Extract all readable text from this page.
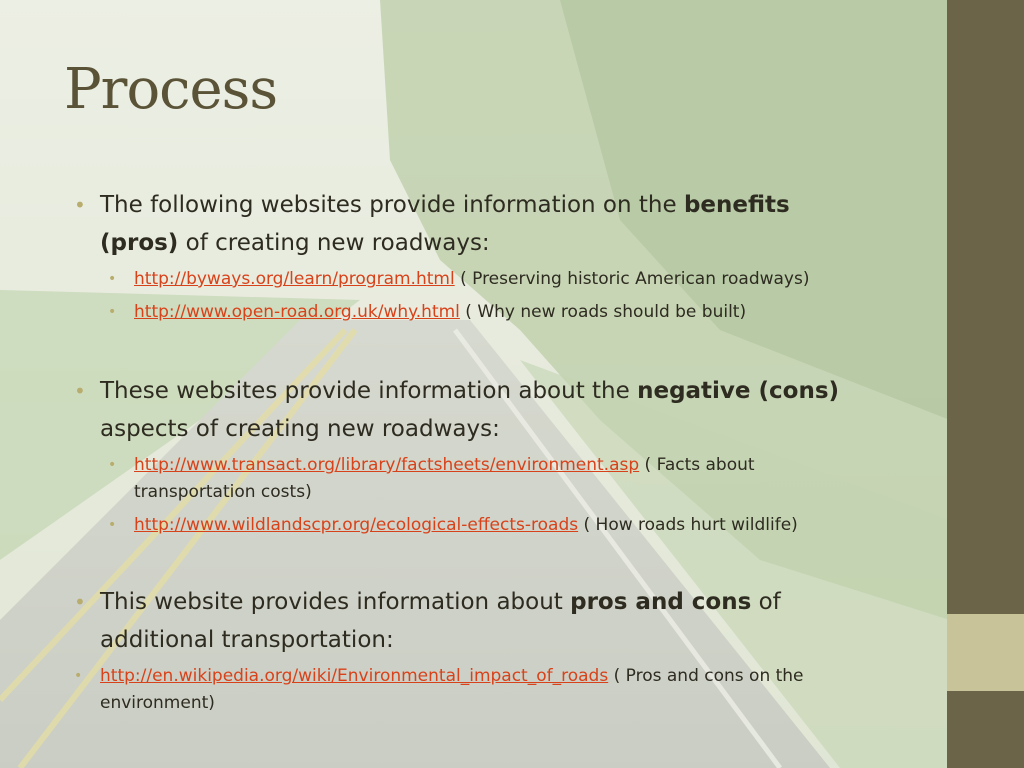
Process
• The following websites provide information on the benefits (pros) of creating new roadways:
• http://byways.org/learn/program.html ( Preserving historic American roadways)
• http://www.open-road.org.uk/why.html ( Why new roads should be built)
• These websites provide information about the negative (cons) aspects of creating new roadways:
• http://www.transact.org/library/factsheets/environment.asp ( Facts about transportation costs)
• http://www.wildlandscpr.org/ecological-effects-roads ( How roads hurt wildlife)
• This website provides information about pros and cons of additional transportation:
• http://en.wikipedia.org/wiki/Environmental_impact_of_roads ( Pros and cons on the environment)
